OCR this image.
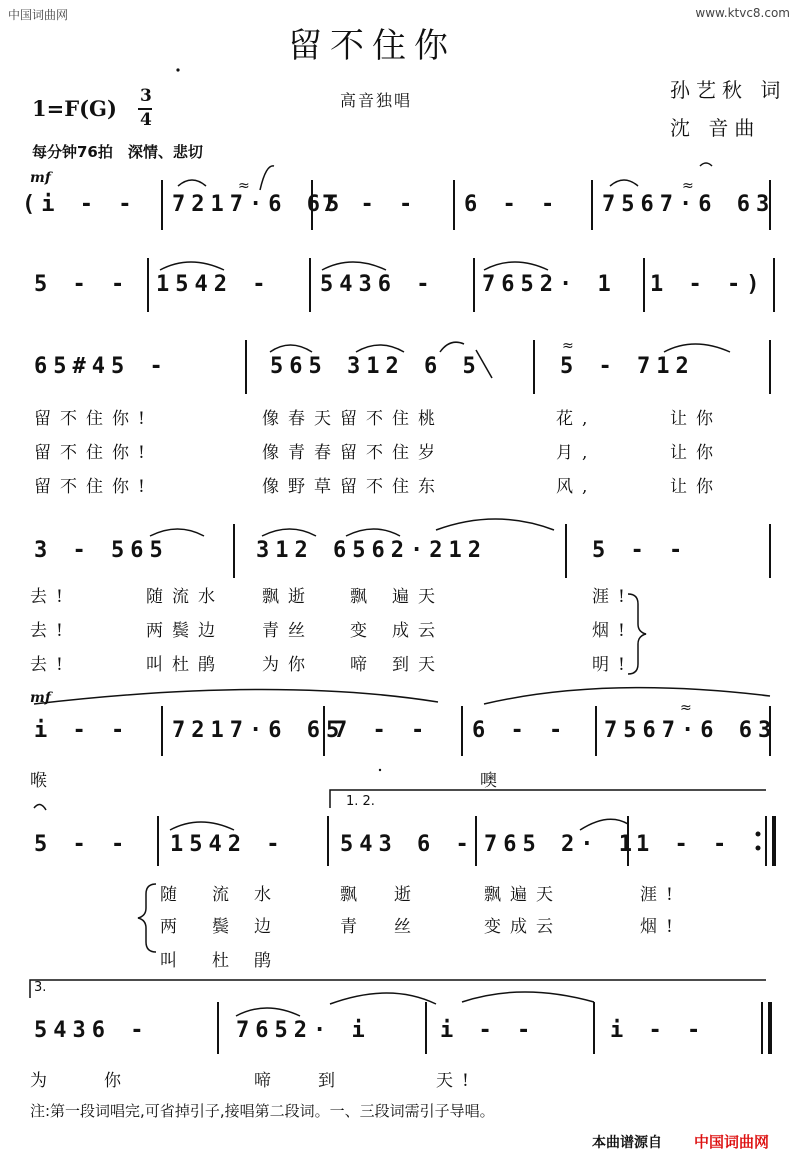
中国词曲网	www.ktvc8.com
留不住你
高音独唱	孙艺秋 词
沈 音曲
1=F(G) 3
4
每分钟76拍　深情、悲切
mf
(i - - 7217·6 65
7 - - 6 - - 7567·6 63
5 - - 1542 - 5436 - 7652· 1 1 - -)
65#45 -	565 312 6 5	5 - 712
留不住你!	像春天留不住桃	花,	让你
留不住你!	像青春留不住岁	月,	让你
留不住你!	像野草留不住东	风,	让你
3 - 565	312 6562·212	5 - -
去!	随流水 飘逝 飘 遍天	涯!
去!	两鬓边 青丝 变 成云	烟!
去!	叫杜鹃 为你 啼 到天	明!
mf
i - - 7217·6 65
7 - - 6 - - 7567·6 63
喉	噢
1. 2.
5 - - 1542 - 543 6 - 765 2· 1
1 - -
随 流 水	飘 逝	飘遍天	涯!
两 鬓 边	青 丝	变成云	烟!
叫 杜 鹃
3.
5436 -	7652· i	i - -	i - -
为	你	啼 到	天!
注:第一段词唱完,可省掉引子,接唱第二段词。一、三段词需引子导唱。
本曲谱源自 中国词曲网
≈	≈
≈
≈
